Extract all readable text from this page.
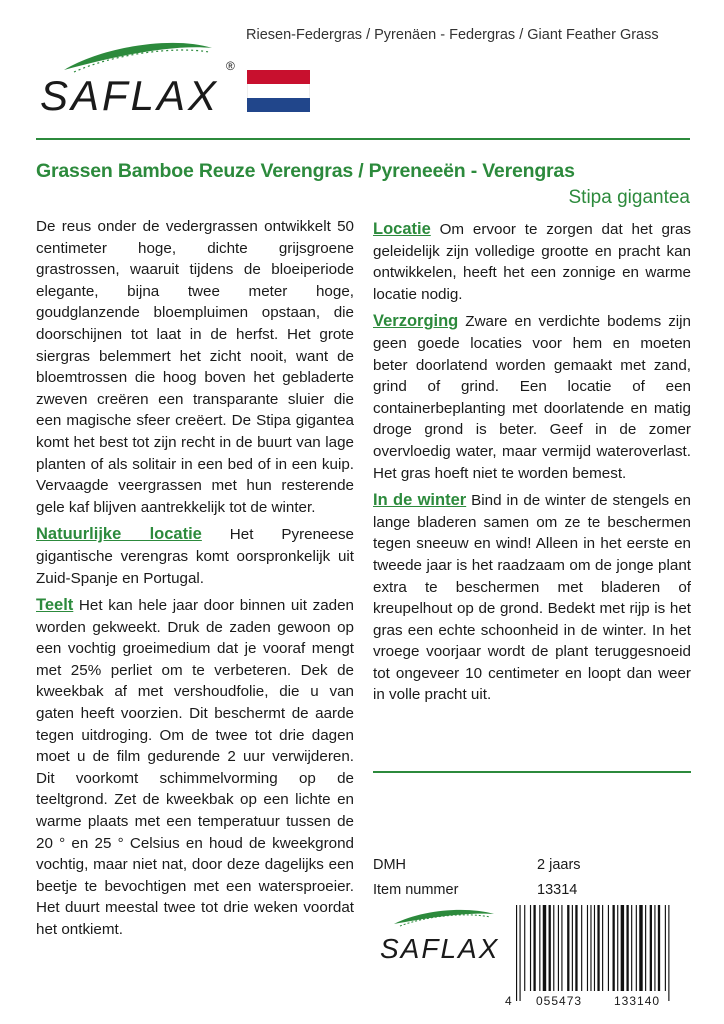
Riesen-Federgras / Pyrenäen - Federgras / Giant Feather Grass
SAFLAX
®
Grassen Bamboe Reuze Verengras / Pyreneeën - Verengras
Stipa gigantea

De reus onder de vedergrassen ontwikkelt 50 centimeter hoge, dichte grijsgroene grastrossen, waaruit tijdens de bloeiperiode elegante, bijna twee meter hoge, goudglanzende bloempluimen opstaan, die doorschijnen tot laat in de herfst. Het grote siergras belemmert het zicht nooit, want de bloemtrossen die hoog boven het gebladerte zweven creëren een transparante sluier die een magische sfeer creëert. De Stipa gigantea komt het best tot zijn recht in de buurt van lage planten of als solitair in een bed of in een kuip. Vervaagde veergrassen met hun resterende gele kaf blijven aantrekkelijk tot de winter.

Natuurlijke locatie Het Pyreneese gigantische verengras komt oorspronkelijk uit Zuid-Spanje en Portugal.

Teelt Het kan hele jaar door binnen uit zaden worden gekweekt. Druk de zaden gewoon op een vochtig groeimedium dat je vooraf mengt met 25% perliet om te verbeteren. Dek de kweekbak af met vershoudfolie, die u van gaten heeft voorzien. Dit beschermt de aarde tegen uitdroging. Om de twee tot drie dagen moet u de film gedurende 2 uur verwijderen. Dit voorkomt schimmelvorming op de teeltgrond. Zet de kweekbak op een lichte en warme plaats met een temperatuur tussen de 20 ° en 25 ° Celsius en houd de kweekgrond vochtig, maar niet nat, door deze dagelijks een beetje te bevochtigen met een watersproeier. Het duurt meestal twee tot drie weken voordat het ontkiemt.

Locatie Om ervoor te zorgen dat het gras geleidelijk zijn volledige grootte en pracht kan ontwikkelen, heeft het een zonnige en warme locatie nodig.

Verzorging Zware en verdichte bodems zijn geen goede locaties voor hem en moeten beter doorlatend worden gemaakt met zand, grind of grind. Een locatie of een containerbeplanting met doorlatende en matig droge grond is beter. Geef in de zomer overvloedig water, maar vermijd wateroverlast. Het gras hoeft niet te worden bemest.

In de winter Bind in de winter de stengels en lange bladeren samen om ze te beschermen tegen sneeuw en wind! Alleen in het eerste en tweede jaar is het raadzaam om de jonge plant extra te beschermen met bladeren of kreupelhout op de grond. Bedekt met rijp is het gras een echte schoonheid in de winter. In het vroege voorjaar wordt de plant teruggesnoeid tot ongeveer 10 centimeter en loopt dan weer in volle pracht uit.

DMH	2 jaars
Item nummer	13314
SAFLAX
4 055473	133140
